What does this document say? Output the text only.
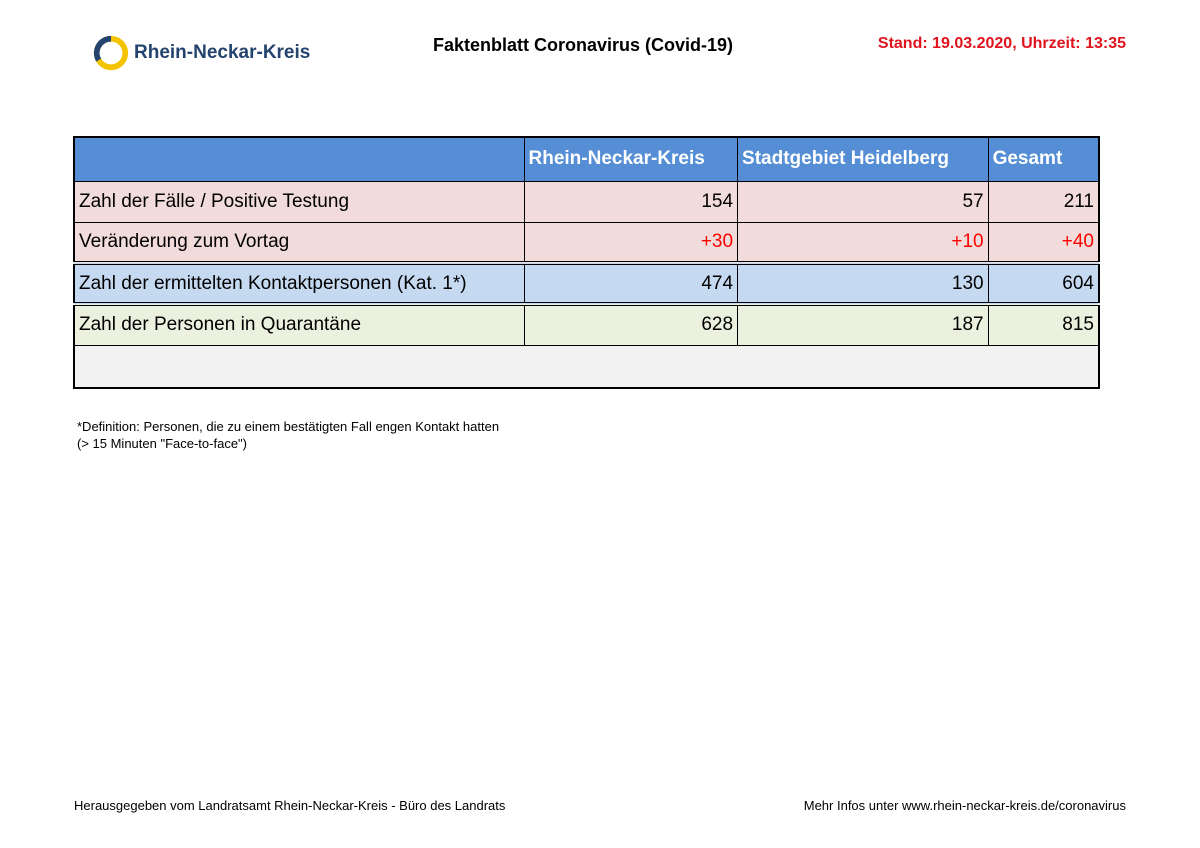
Rhein-Neckar-Kreis	Faktenblatt Coronavirus (Covid-19)	Stand: 19.03.2020, Uhrzeit: 13:35
	Rhein-Neckar-Kreis	Stadtgebiet Heidelberg	Gesamt
Zahl der Fälle / Positive Testung	154	57	211
Veränderung zum Vortag	+30	+10	+40
Zahl der ermittelten Kontaktpersonen (Kat. 1*)	474	130	604
Zahl der Personen in Quarantäne	628	187	815

*Definition: Personen, die zu einem bestätigten Fall engen Kontakt hatten
(> 15 Minuten "Face-to-face")
Herausgegeben vom Landratsamt Rhein-Neckar-Kreis - Büro des Landrats	Mehr Infos unter www.rhein-neckar-kreis.de/coronavirus
